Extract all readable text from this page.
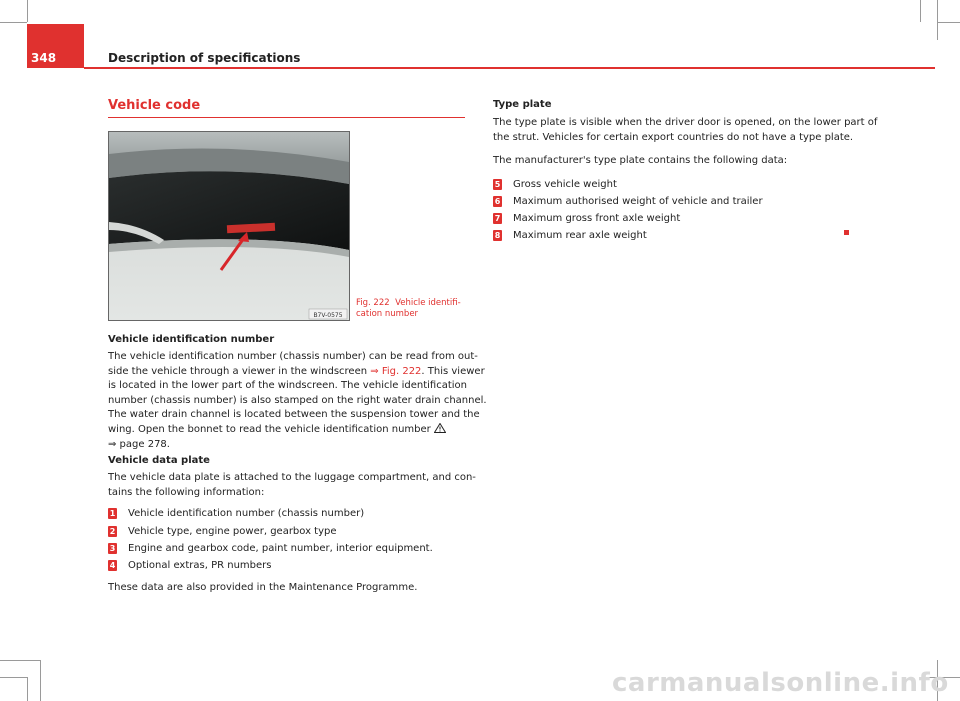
348	Description of specifications
Vehicle code
B7V-0575
Fig. 222 Vehicle identifi-
cation number
Vehicle identification number
The vehicle identification number (chassis number) can be read from out-
side the vehicle through a viewer in the windscreen ⇒ Fig. 222. This viewer
is located in the lower part of the windscreen. The vehicle identification
number (chassis number) is also stamped on the right water drain channel.
The water drain channel is located between the suspension tower and the
wing. Open the bonnet to read the vehicle identification number
⇒ page 278.
Vehicle data plate
The vehicle data plate is attached to the luggage compartment, and con-
tains the following information:
1 Vehicle identification number (chassis number)
2 Vehicle type, engine power, gearbox type
3 Engine and gearbox code, paint number, interior equipment.
4 Optional extras, PR numbers
These data are also provided in the Maintenance Programme.
Type plate
The type plate is visible when the driver door is opened, on the lower part of
the strut. Vehicles for certain export countries do not have a type plate.
The manufacturer's type plate contains the following data:
5 Gross vehicle weight
6 Maximum authorised weight of vehicle and trailer
7 Maximum gross front axle weight
8 Maximum rear axle weight
carmanualsonline.info
